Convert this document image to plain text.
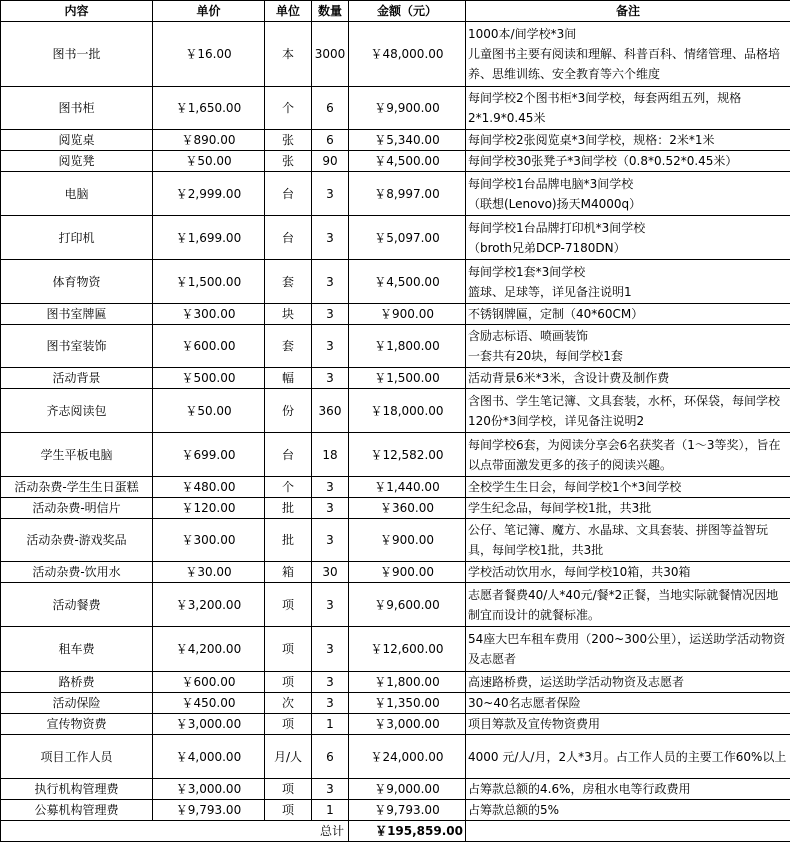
内容	单价	单位	数量	金额（元）	备注
图书一批	￥16.00	本	3000	￥48,000.00	1000本/间学校*3间
儿童图书主要有阅读和理解、科普百科、情绪管理、品格培养、思维训练、安全教育等六个维度
图书柜	￥1,650.00	个	6	￥9,900.00	每间学校2个图书柜*3间学校，每套两组五列，规格2*1.9*0.45米
阅览桌	￥890.00	张	6	￥5,340.00	每间学校2张阅览桌*3间学校，规格：2米*1米
阅览凳	￥50.00	张	90	￥4,500.00	每间学校30张凳子*3间学校（0.8*0.52*0.45米）
电脑	￥2,999.00	台	3	￥8,997.00	每间学校1台品牌电脑*3间学校
（联想(Lenovo)扬天M4000q）
打印机	￥1,699.00	台	3	￥5,097.00	每间学校1台品牌打印机*3间学校
（broth兄弟DCP-7180DN）
体育物资	￥1,500.00	套	3	￥4,500.00	每间学校1套*3间学校
篮球、足球等，详见备注说明1
图书室牌匾	￥300.00	块	3	￥900.00	不锈钢牌匾，定制（40*60CM）
图书室装饰	￥600.00	套	3	￥1,800.00	含励志标语、喷画装饰
一套共有20块，每间学校1套
活动背景	￥500.00	幅	3	￥1,500.00	活动背景6米*3米，含设计费及制作费
齐志阅读包	￥50.00	份	360	￥18,000.00	含图书、学生笔记簿、文具套装，水杯，环保袋，每间学校120份*3间学校，详见备注说明2
学生平板电脑	￥699.00	台	18	￥12,582.00	每间学校6套，为阅读分享会6名获奖者（1～3等奖），旨在以点带面激发更多的孩子的阅读兴趣。
活动杂费-学生生日蛋糕	￥480.00	个	3	￥1,440.00	全校学生生日会，每间学校1个*3间学校
活动杂费-明信片	￥120.00	批	3	￥360.00	学生纪念品，每间学校1批，共3批
活动杂费-游戏奖品	￥300.00	批	3	￥900.00	公仔、笔记簿、魔方、水晶球、文具套装、拼图等益智玩具，每间学校1批，共3批
活动杂费-饮用水	￥30.00	箱	30	￥900.00	学校活动饮用水，每间学校10箱，共30箱
活动餐费	￥3,200.00	项	3	￥9,600.00	志愿者餐费40/人*40元/餐*2正餐，当地实际就餐情况因地制宜而设计的就餐标准。
租车费	￥4,200.00	项	3	￥12,600.00	54座大巴车租车费用（200~300公里），运送助学活动物资及志愿者
路桥费	￥600.00	项	3	￥1,800.00	高速路桥费，运送助学活动物资及志愿者
活动保险	￥450.00	次	3	￥1,350.00	30~40名志愿者保险
宣传物资费	￥3,000.00	项	1	￥3,000.00	项目筹款及宣传物资费用
项目工作人员	￥4,000.00	月/人	6	￥24,000.00	4000 元/人/月，2人*3月。占工作人员的主要工作60%以上
执行机构管理费	￥3,000.00	项	3	￥9,000.00	占筹款总额的4.6%，房租水电等行政费用
公募机构管理费	￥9,793.00	项	1	￥9,793.00	占筹款总额的5%
总计				￥195,859.00	
